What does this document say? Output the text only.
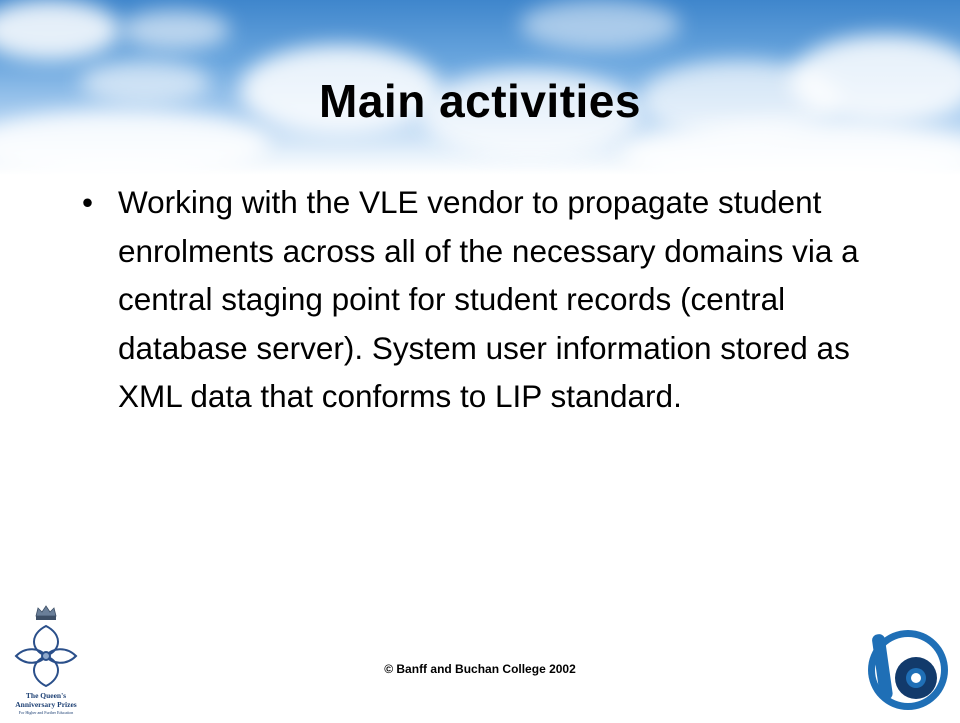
Main activities
• Working with the VLE vendor to propagate student enrolments across all of the necessary domains via a central staging point for student records (central database server). System user information stored as XML data that conforms to LIP standard.
The Queen's
Anniversary Prizes
For Higher and Further Education
© Banff and Buchan College 2002
